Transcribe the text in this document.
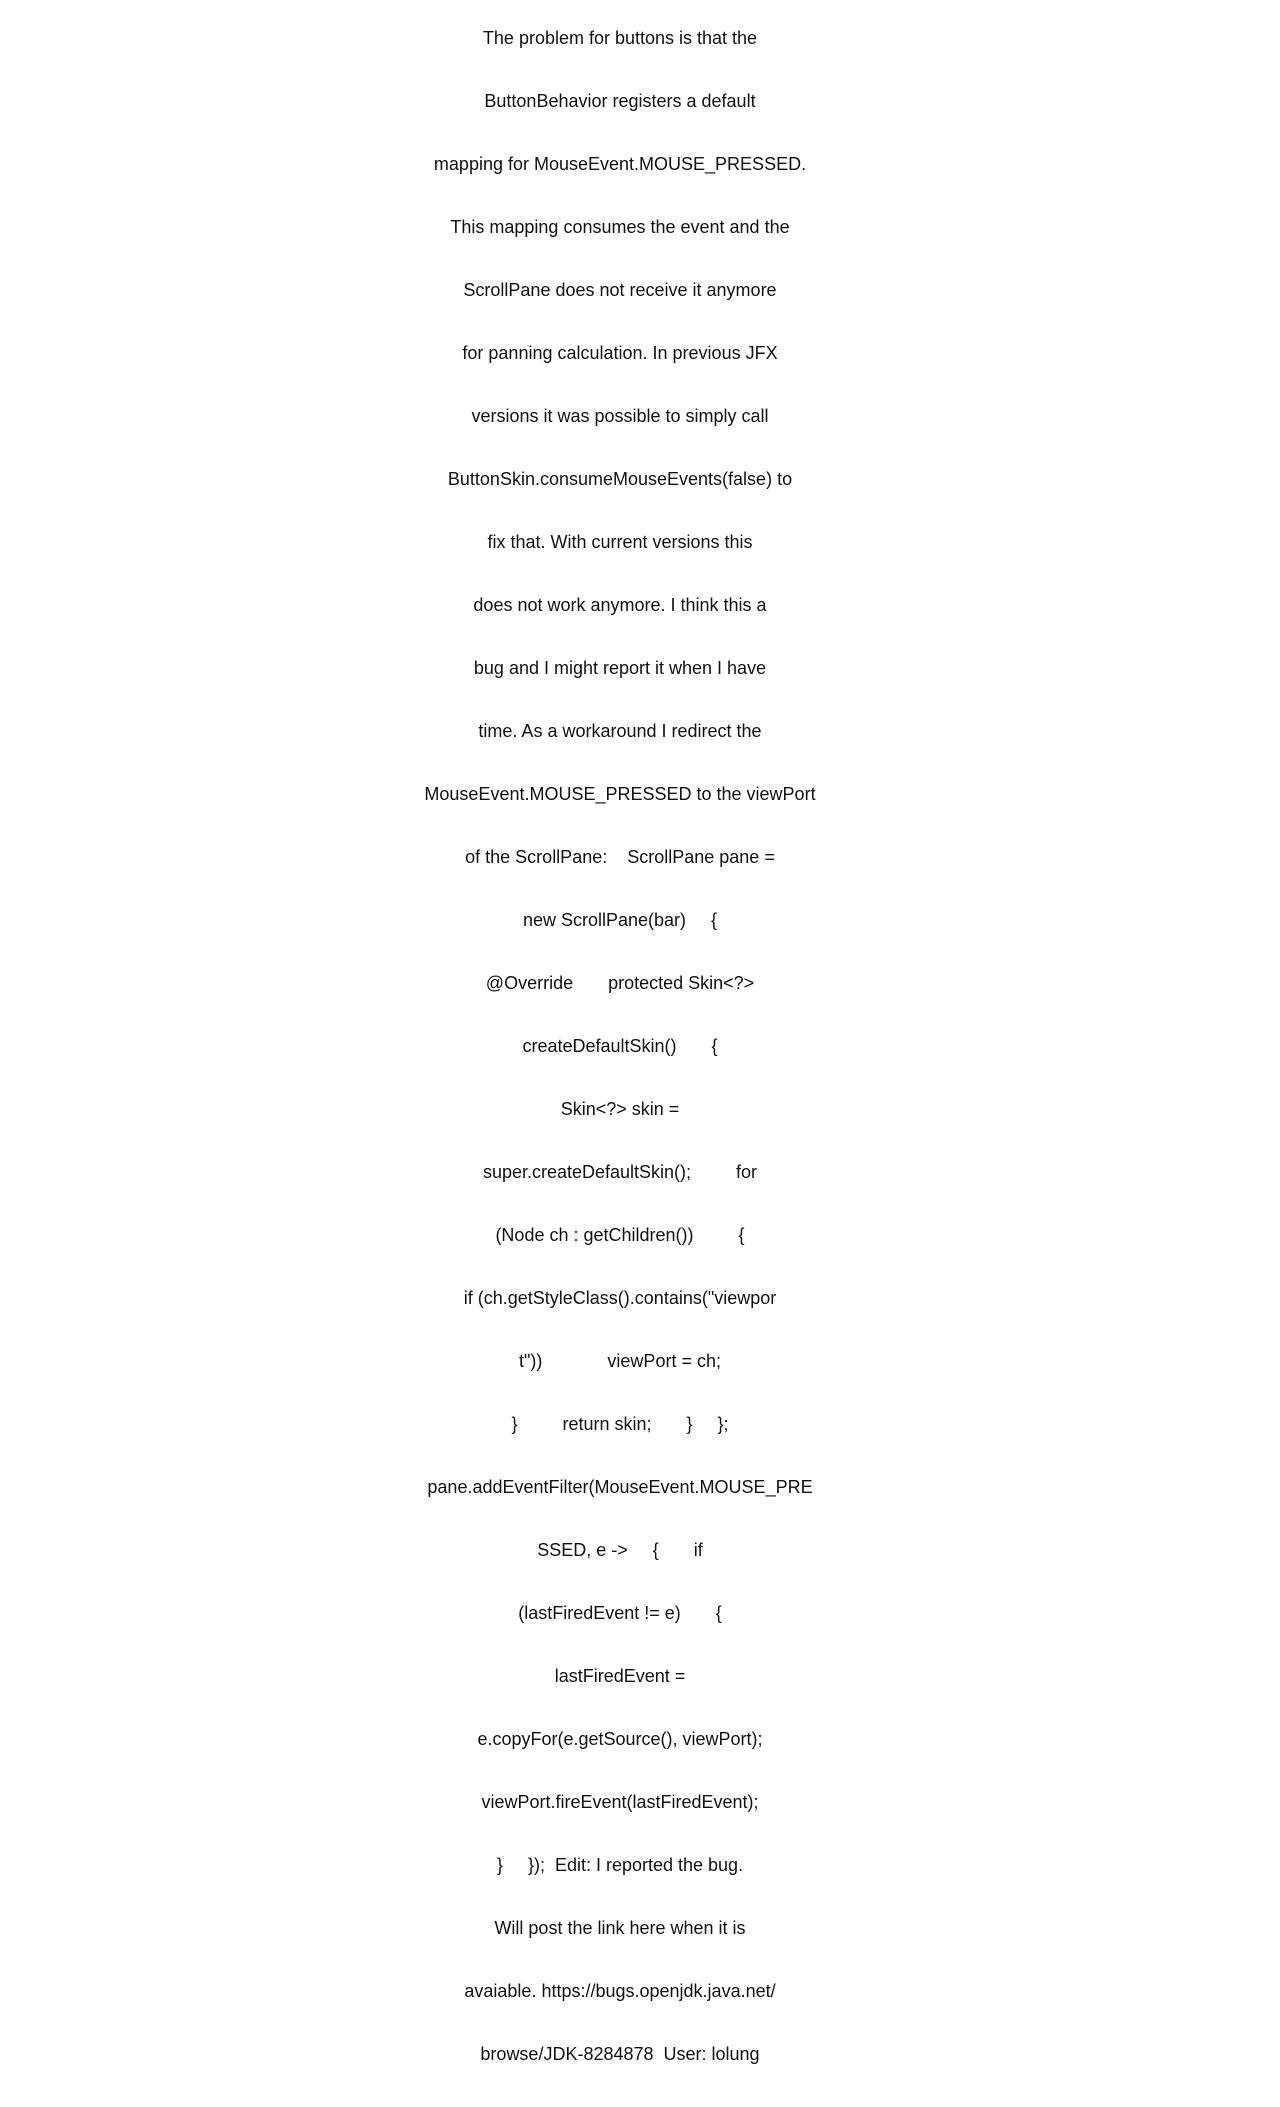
The problem for buttons is that the

ButtonBehavior registers a default

mapping for MouseEvent.MOUSE_PRESSED.

This mapping consumes the event and the

ScrollPane does not receive it anymore

for panning calculation. In previous JFX

versions it was possible to simply call

ButtonSkin.consumeMouseEvents(false) to

fix that. With current versions this

does not work anymore. I think this a

bug and I might report it when I have

time. As a workaround I redirect the

MouseEvent.MOUSE_PRESSED to the viewPort

of the ScrollPane:    ScrollPane pane =

new ScrollPane(bar)     {

@Override       protected Skin<?>

createDefaultSkin()       {

Skin<?> skin =

super.createDefaultSkin();         for

(Node ch : getChildren())         {

if (ch.getStyleClass().contains("viewpor

t"))             viewPort = ch;

}         return skin;       }     };

pane.addEventFilter(MouseEvent.MOUSE_PRE

SSED, e ->     {       if

(lastFiredEvent != e)       {

lastFiredEvent =

e.copyFor(e.getSource(), viewPort);

viewPort.fireEvent(lastFiredEvent);

}     });  Edit: I reported the bug.

Will post the link here when it is

avaiable. https://bugs.openjdk.java.net/

browse/JDK-8284878  User: lolung
